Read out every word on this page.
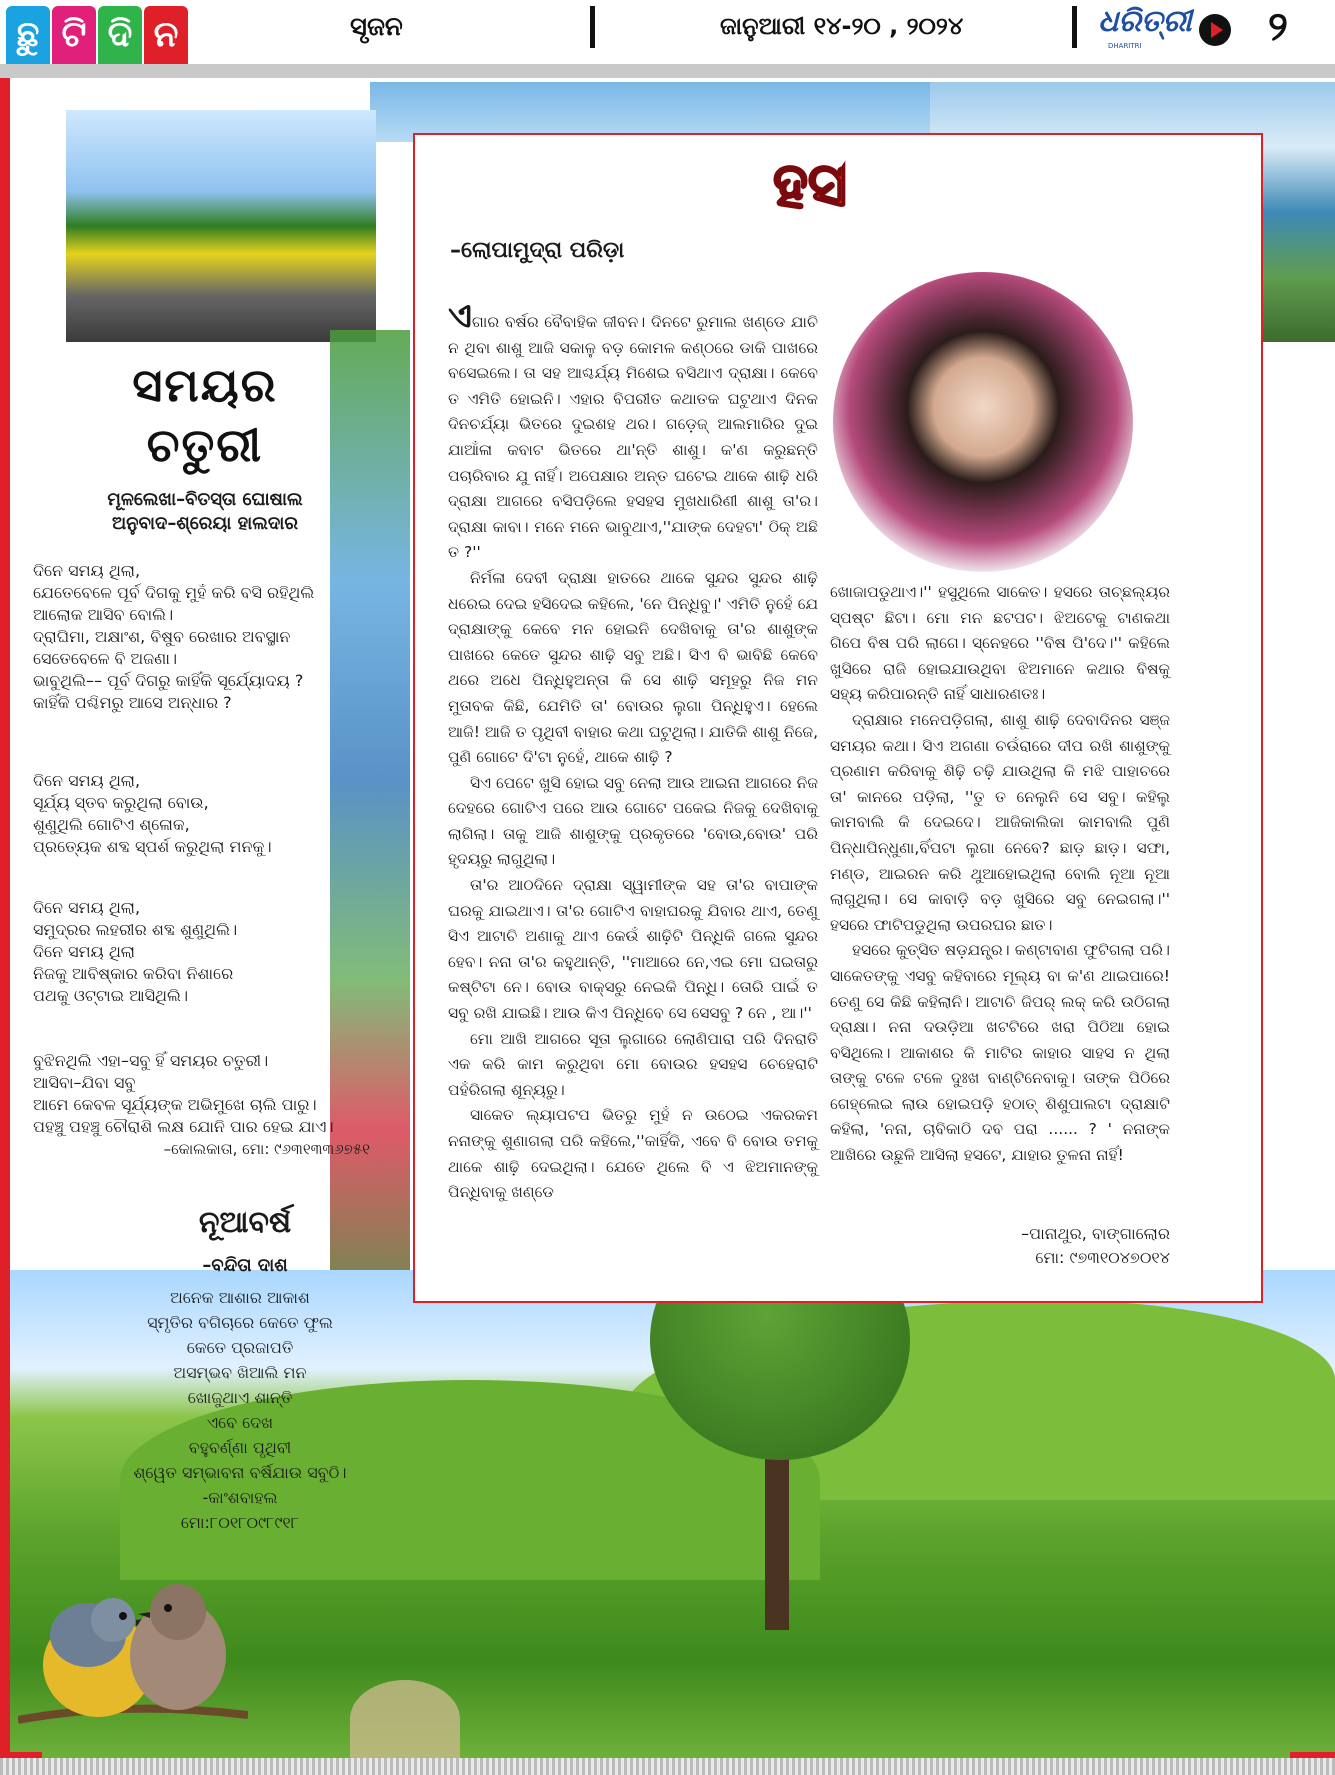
ଛୁ ଟି ଦି ନ	ସୃଜନ	ଜାନୁଆରୀ ୧୪-୨୦ , ୨୦୨୪	ଧରିତ୍ରୀ
DHARITRI	୨
ସମୟର
ଚତୁରୀ
ମୂଳଲେଖା–ବିତସ୍ତା ଘୋଷାଲ
ଅନୁବାଦ–ଶ୍ରେୟା ହାଲଦାର
ଦିନେ ସମୟ ଥିଲା,
ଯେତେବେଳେ ପୂର୍ବ ଦିଗକୁ ମୁହଁ କରି ବସି ରହିଥିଲି
ଆଲୋକ ଆସିବ ବୋଲି।
ଦ୍ରାଘିମା, ଅକ୍ଷାଂଶ, ବିଷୁବ ରେଖାର ଅବସ୍ଥାନ
ସେତେବେଳେ ବି ଅଜଣା।
ଭାବୁଥିଲି–– ପୂର୍ବ ଦିଗରୁ କାହିଁକି ସୂର୍ଯ୍ୟୋଦୟ ?
କାହିଁକି ପଶ୍ଚିମରୁ ଆସେ ଅନ୍ଧାର ?
ଦିନେ ସମୟ ଥିଲା,
ସୂର୍ଯ୍ୟ ସ୍ତବ କରୁଥିଲା ବୋଉ,
ଶୁଣୁଥିଲି ଗୋଟିଏ ଶ୍ଳୋକ,
ପ୍ରତ୍ୟେକ ଶବ୍ଦ ସ୍ପର୍ଶ କରୁଥିଲା ମନକୁ।
ଦିନେ ସମୟ ଥିଲା,
ସମୁଦ୍ରର ଲହରୀର ଶବ୍ଦ ଶୁଣୁଥିଲି।
ଦିନେ ସମୟ ଥିଲା
ନିଜକୁ ଆବିଷ୍କାର କରିବା ନିଶାରେ
ପଥକୁ ଓଟ୍ଟାଇ ଆସିଥିଲି।
ବୁଝିନଥିଲି ଏହା–ସବୁ ହିଁ ସମୟର ଚତୁରୀ।
ଆସିବା–ଯିବା ସବୁ
ଆମେ କେବଳ ସୂର୍ଯ୍ୟଙ୍କ ଅଭିମୁଖେ ଚାଲି ପାରୁ।
ପହଞ୍ଚୁ ପହଞ୍ଚୁ ଚୌରାଶି ଲକ୍ଷ ଯୋନି ପାର ହେଇ ଯାଏ।
–କୋଲକାତା, ମୋ: ୯୬୩୧୩୩୬୭୫୧
ନୂଆବର୍ଷ
–ବନ୍ଦିତା ଦାଶ
ଅନେକ ଆଶାର ଆକାଶ
ସ୍ମୃତିର ବଗିଚାରେ କେତେ ଫୁଲ
କେତେ ପ୍ରଜାପତି
ଅସମ୍ଭବ ଖିଆଲି ମନ
ଖୋଜୁଥାଏ ଶାନ୍ତି
ଏବେ ଦେଖ
ବହୁବର୍ଣ୍ଣା ପୃଥିବୀ
ଶ୍ୱେତ ସମ୍ଭାବନା ବର୍ଷିଯାଉ ସବୁଠି।
-କାଂଶବାହଲ
ମୋ:୮୦୧୮୦୯୮୯୧୮
ହସ
–ଲୋପାମୁଦ୍ରା ପରିଡ଼ା

ଏଗାର ବର୍ଷର ବୈବାହିକ ଜୀବନ। ଦିନଟେ ରୁମାଲ ଖଣ୍ଡେ ଯାଚି ନ ଥିବା ଶାଶୁ ଆଜି ସକାଳୁ ବଡ଼ କୋମଳ କଣ୍ଠରେ ଡାକି ପାଖରେ ବସେଇଲେ। ତା ସହ ଆଶ୍ଚର୍ଯ୍ୟ ମିଶେଇ ବସିଥାଏ ଦ୍ରାକ୍ଷା। କେବେ ତ ଏମିତି ହୋଇନି। ଏହାର ବିପରୀତ କଥାତକ ଘଟୁଥାଏ ଦିନକ ଦିନଚର୍ଯ୍ୟା ଭିତରେ ଦୁଇଶହ ଥର। ଗଡ଼େଜ୍ ଆଲମାରିର ଦୁଇ ଯାଆଁଳା କବାଟ ଭିତରେ ଥା'ନ୍ତି ଶାଶୁ। କ'ଣ କରୁଛନ୍ତି ପଚାରିବାର ଯୁ ନାହିଁ। ଅପେକ୍ଷାର ଅନ୍ତ ଘଟେଇ ଥାକେ ଶାଢ଼ି ଧରି ଦ୍ରାକ୍ଷା ଆଗରେ ବସିପଡ଼ିଲେ ହସହସ ମୁଖଧାରିଣୀ ଶାଶୁ ତା'ର। ଦ୍ରାକ୍ଷା କାବା। ମନେ ମନେ ଭାବୁଥାଏ,''ଯାଙ୍କ ଦେହଟା' ଠିକ୍ ଅଛି ତ ?''

ନିର୍ମଳା ଦେବୀ ଦ୍ରାକ୍ଷା ହାତରେ ଥାକେ ସୁନ୍ଦର ସୁନ୍ଦର ଶାଢ଼ି ଧରେଇ ଦେଇ ହସିଦେଇ କହିଲେ, 'ନେ ପିନ୍ଧିବୁ।' ଏମିତି ନୁହେଁ ଯେ ଦ୍ରାକ୍ଷାଙ୍କୁ କେବେ ମନ ହୋଇନି ଦେଖିବାକୁ ତା'ର ଶାଶୁଙ୍କ ପାଖରେ କେତେ ସୁନ୍ଦର ଶାଢ଼ି ସବୁ ଅଛି। ସିଏ ବି ଭାବିଛି କେବେ ଥରେ ଅଧେ ପିନ୍ଧିହୁଅନ୍ତା କି ସେ ଶାଢ଼ି ସମୂହରୁ ନିଜ ମନ ମୁତାବକ କିଛି, ଯେମିତି ତା' ବୋଉର ଲୁଗା ପିନ୍ଧିହୁଏ। ହେଲେ ଆଜି! ଆଜି ତ ପୃଥିବୀ ବାହାର କଥା ଘଟୁଥିଲା। ଯାତିକି ଶାଶୁ ନିଜେ, ପୁଣି ଗୋଟେ ଦି'ଟା ନୁହେଁ, ଥାକେ ଶାଢ଼ି ?

ସିଏ ପେଟେ ଖୁସି ହୋଇ ସବୁ ନେଲା ଆଉ ଆଇନା ଆଗରେ ନିଜ ଦେହରେ ଗୋଟିଏ ପରେ ଆଉ ଗୋଟେ ପକେଇ ନିଜକୁ ଦେଖିବାକୁ ଲାଗିଲା। ତାକୁ ଆଜି ଶାଶୁଙ୍କୁ ପ୍ରକୃତରେ 'ବୋଉ,ବୋଉ' ପରି ହୃଦୟରୁ ଲାଗୁଥିଲା।

ତା'ର ଆଠଦିନେ ଦ୍ରାକ୍ଷା ସ୍ୱାମୀଙ୍କ ସହ ତା'ର ବାପାଙ୍କ ଘରକୁ ଯାଇଥାଏ। ତା'ର ଗୋଟିଏ ବାହାଘରକୁ ଯିବାର ଥାଏ, ତେଣୁ ସିଏ ଆଟାଚି ଅଣାକୁ ଥାଏ କେଉଁ ଶାଢ଼ିଟି ପିନ୍ଧିକି ଗଲେ ସୁନ୍ଦର ହେବ। ନନା ତା'ର କହୁଥାନ୍ତି, ''ମାଆରେ ନେ,ଏଇ ମୋ ଘଇତାରୁ କଷ୍ଟିଟା ନେ। ବୋଉ ବାକ୍ସରୁ ନେଇକି ପିନ୍ଧି। ତୋରି ପାଇଁ ତ ସବୁ ରଖି ଯାଇଛି। ଆଉ କିଏ ପିନ୍ଧିବେ ସେ ସେସବୁ ? ନେ , ଆ।''

ମୋ ଆଖି ଆଗରେ ସୂତା ଲୁଗାରେ ଲୋଣିପାରା ପରି ଦିନରାତି ଏକ କରି କାମ କରୁଥିବା ମୋ ବୋଉର ହସହସ ଚେହେରାଟି ପହଁରିଗଲା ଶୂନ୍ୟରୁ।

ସାକେତ ଲ୍ୟାପଟପ ଭିତରୁ ମୁହଁ ନ ଉଠେଇ ଏକରକମ ନନାଙ୍କୁ ଶୁଣାଗଲା ପରି କହିଲେ,''କାହିଁକି, ଏବେ ବି ବୋଉ ତମକୁ ଥାକେ ଶାଢ଼ି ଦେଇଥିଲା। ଯେତେ ଥିଲେ ବି ଏ ଝିଅମାନଙ୍କୁ ପିନ୍ଧିବାକୁ ଖଣ୍ଡେ

ଖୋଜାପଡୁଥାଏ।'' ହସୁଥିଲେ ସାକେତ। ହସରେ ତାଚ୍ଛଲ୍ୟର ସ୍ପଷ୍ଟ ଛିଟା। ମୋ ମନ ଛଟପଟ। ଝିଅଟେକୁ ଟାଣକଥା ଗିପେ ବିଷ ପରି ଲାଗେ। ସ୍ନେହରେ ''ବିଷ ପି'ଦେ।'' କହିଲେ ଖୁସିରେ ରାଜି ହୋଇଯାଉଥିବା ଝିଅମାନେ କଥାର ବିଷକୁ ସହ୍ୟ କରିପାରନ୍ତି ନାହିଁ ସାଧାରଣତଃ।

ଦ୍ରାକ୍ଷାର ମନେପଡ଼ିଗଲା, ଶାଶୁ ଶାଢ଼ି ଦେବାଦିନର ସଞ୍ଜ ସମୟର କଥା। ସିଏ ଅଗଣା ଚଉଁରାରେ ଦୀପ ରଖି ଶାଶୁଙ୍କୁ ପ୍ରଣାମ କରିବାକୁ ଶିଢ଼ି ଚଢ଼ି ଯାଉଥିଲା କି ମଝି ପାହାଚରେ ତା' କାନରେ ପଡ଼ିଲା, ''ତୁ ତ ନେଲୁନି ସେ ସବୁ। କହିଲୁ କାମବାଲି କି ଦେଇଦେ। ଆଜିକାଲିକା କାମବାଲି ପୁଣି ପିନ୍ଧାପିନ୍ଧୁଣା,ବିଁପଟା ଲୁଗା ନେବେ? ଛାଡ଼ ଛାଡ଼। ସଫା, ମଣ୍ଡ, ଆଇରନ କରି ଥୁଆହୋଇଥିଲା ବୋଲି ନୂଆ ନୂଆ ଲାଗୁଥିଲା। ସେ କାବାଡ଼ି ବଡ଼ ଖୁସିରେ ସବୁ ନେଇଗଲା।'' ହସରେ ଫାଟିପଡୁଥିଲା ଉପରଘର ଛାତ।

ହସରେ କୁତ୍ସିତ ଷଡ଼ଯନ୍ତ୍ର। କଣ୍ଟାବାଣ ଫୁଟିଗଲା ପରି। ସାକେତଙ୍କୁ ଏସବୁ କହିବାରେ ମୂଲ୍ୟ ବା କ'ଣ ଥାଇପାରେ! ତେଣୁ ସେ କିଛି କହିଲାନି। ଆଟାଚି ଜିପର୍ ଲକ୍ କରି ଉଠିଗଲା ଦ୍ରାକ୍ଷା। ନନା ଦଉଡ଼ିଆ ଖଟଟିରେ ଖରା ପିଠିଆ ହୋଇ ବସିଥିଲେ। ଆକାଶର କି ମାଟିର କାହାର ସାହସ ନ ଥିଲା ତାଙ୍କୁ ଟଳେ ଟଳେ ଦୁଃଖ ବାଣ୍ଟିନେବାକୁ। ତାଙ୍କ ପିଠିରେ ଗେହ୍ଲେଇ ଲାଉ ହୋଇପଡ଼ି ହଠାତ୍ ଶିଶୁପାଲଟା ଦ୍ରାକ୍ଷାଟି କହିଲା, 'ନନା, ଚାବିକାଠି ଦବ ପରା ...... ? ' ନନାଙ୍କ ଆଖିରେ ଉଛୁଳି ଆସିଲା ହସଟେ, ଯାହାର ତୁଳନା ନାହିଁ!

–ପାନାଥୁର, ବାଙ୍ଗାଲୋର
ମୋ: ୯୭୩୧୦୪୭୦୧୪
